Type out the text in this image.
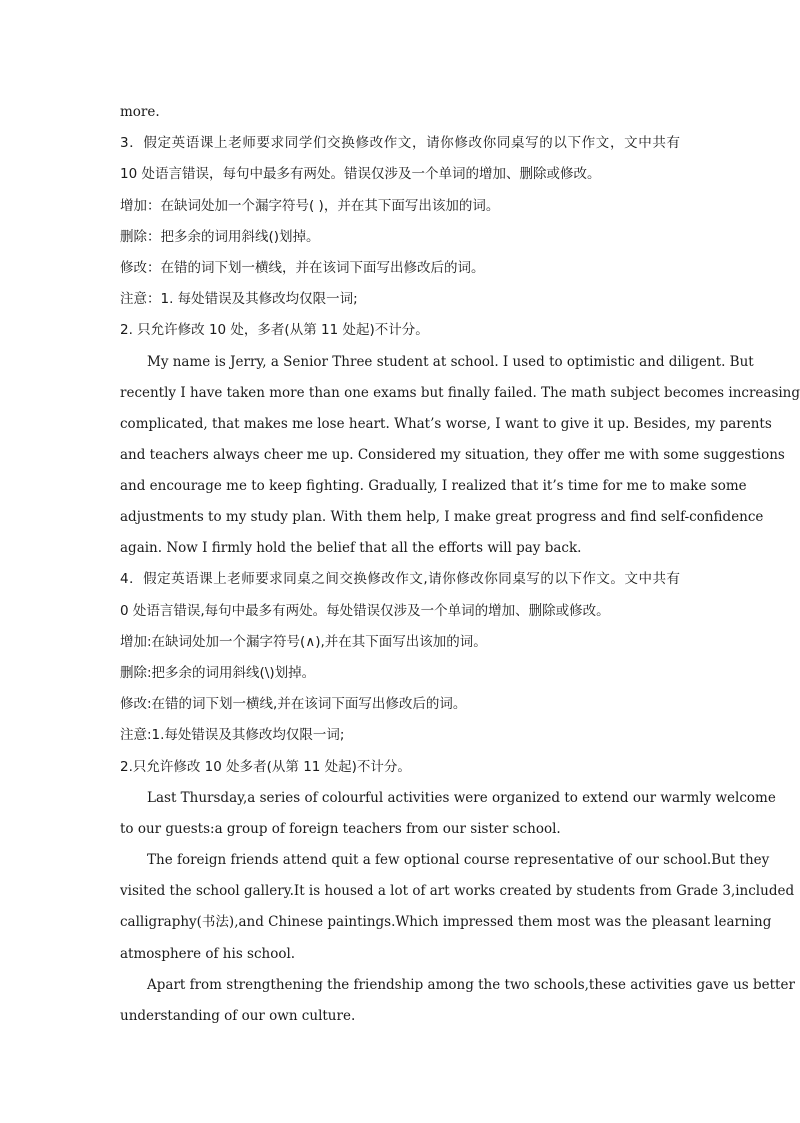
more.
3．假定英语课上老师要求同学们交换修改作文，请你修改你同桌写的以下作文，文中共有
10 处语言错误，每句中最多有两处。错误仅涉及一个单词的增加、删除或修改。
增加：在缺词处加一个漏字符号( )，并在其下面写出该加的词。
删除：把多余的词用斜线()划掉。
修改：在错的词下划一横线，并在该词下面写出修改后的词。
注意：1. 每处错误及其修改均仅限一词;
2. 只允许修改 10 处，多者(从第 11 处起)不计分。
My name is Jerry, a Senior Three student at school. I used to optimistic and diligent. But
recently I have taken more than one exams but finally failed. The math subject becomes increasing
complicated, that makes me lose heart. What’s worse, I want to give it up. Besides, my parents
and teachers always cheer me up. Considered my situation, they offer me with some suggestions
and encourage me to keep fighting. Gradually, I realized that it’s time for me to make some
adjustments to my study plan. With them help, I make great progress and find self-confidence
again. Now I firmly hold the belief that all the efforts will pay back.
4．假定英语课上老师要求同桌之间交换修改作文,请你修改你同桌写的以下作文。文中共有
0 处语言错误,每句中最多有两处。每处错误仅涉及一个单词的增加、删除或修改。
增加:在缺词处加一个漏字符号(∧),并在其下面写出该加的词。
删除:把多余的词用斜线(\)划掉。
修改:在错的词下划一横线,并在该词下面写出修改后的词。
注意:1.每处错误及其修改均仅限一词;
2.只允许修改 10 处多者(从第 11 处起)不计分。
Last Thursday,a series of colourful activities were organized to extend our warmly welcome
to our guests:a group of foreign teachers from our sister school.
The foreign friends attend quit a few optional course representative of our school.But they
visited the school gallery.It is housed a lot of art works created by students from Grade 3,included
calligraphy(书法),and Chinese paintings.Which impressed them most was the pleasant learning
atmosphere of his school.
Apart from strengthening the friendship among the two schools,these activities gave us better
understanding of our own culture.
